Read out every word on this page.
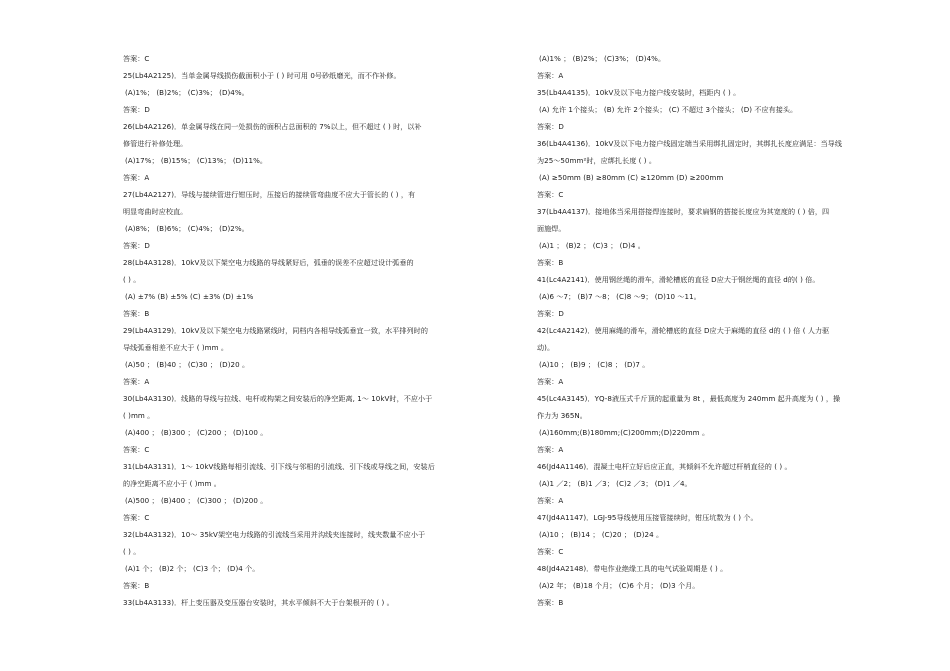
答案：C
25(Lb4A2125)．当单金属导线损伤截面积小于 ( ) 时可用 0号砂纸磨光，而不作补修。
(A)1%； (B)2%； (C)3%； (D)4%。
答案：D
26(Lb4A2126)．单金属导线在同一处损伤的面积占总面积的 7%以上，但不超过 ( ) 时，以补
修管进行补修处理。
(A)17%； (B)15%； (C)13%； (D)11%。
答案：A
27(Lb4A2127)．导线与接续管进行钳压时，压接后的接续管弯曲度不应大于管长的 ( ) ，有
明显弯曲时应校直。
(A)8%； (B)6%； (C)4%； (D)2%。
答案：D
28(Lb4A3128)．10kV及以下架空电力线路的导线紧好后，弧垂的误差不应超过设计弧垂的
( ) 。
(A) ±7% (B) ±5% (C) ±3% (D) ±1%
答案：B
29(Lb4A3129)．10kV及以下架空电力线路紧线时，同档内各相导线弧垂宜一致，水平排列时的
导线弧垂相差不应大于 ( )mm 。
(A)50 ； (B)40 ； (C)30 ； (D)20 。
答案：A
30(Lb4A3130)．线路的导线与拉线、电杆或构架之间安装后的净空距离, 1～ 10kV时，不应小于
( )mm 。
(A)400 ； (B)300 ； (C)200 ； (D)100 。
答案：C
31(Lb4A3131)．1～ 10kV线路每相引流线、引下线与邻相的引流线、引下线或导线之间，安装后
的净空距离不应小于 ( )mm 。
(A)500 ； (B)400 ； (C)300 ； (D)200 。
答案：C
32(Lb4A3132)．10～ 35kV架空电力线路的引流线当采用并沟线夹连接时，线夹数量不应小于
( ) 。
(A)1 个； (B)2 个； (C)3 个； (D)4 个。
答案：B
33(Lb4A3133)．杆上变压器及变压器台安装时，其水平倾斜不大于台架根开的 ( ) 。
(A)1% ； (B)2%； (C)3%； (D)4%。
答案：A
35(Lb4A4135)．10kV及以下电力接户线安装时，档距内 ( ) 。
(A) 允许 1个接头； (B) 允许 2个接头； (C) 不超过 3个接头； (D) 不应有接头。
答案：D
36(Lb4A4136)．10kV及以下电力接户线固定端当采用绑扎固定时，其绑扎长度应满足：当导线
为25～50mm²时，应绑扎长度 ( ) 。
(A) ≥50mm (B) ≥80mm (C) ≥120mm (D) ≥200mm
答案：C
37(Lb4A4137)．接地体当采用搭接焊连接时，要求扁钢的搭接长度应为其宽度的 ( ) 倍，四
面施焊。
(A)1 ； (B)2 ； (C)3 ； (D)4 。
答案：B
41(Lc4A2141)．使用钢丝绳的滑车，滑轮槽底的直径 D应大于钢丝绳的直径 d的( ) 倍。
(A)6 ～7； (B)7 ～8； (C)8 ～9； (D)10 ～11。
答案：D
42(Lc4A2142)．使用麻绳的滑车，滑轮槽底的直径 D应大于麻绳的直径 d的 ( ) 倍 ( 人力驱
动)。
(A)10 ； (B)9 ； (C)8 ； (D)7 。
答案：A
45(Lc4A3145)．YQ-8液压式千斤顶的起重量为 8t ，最低高度为 240mm 起升高度为 ( ) ，操
作力为 365N。
(A)160mm;(B)180mm;(C)200mm;(D)220mm 。
答案：A
46(Jd4A1146)．混凝土电杆立好后应正直，其倾斜不允许超过杆梢直径的 ( ) 。
(A)1 ／2； (B)1 ／3； (C)2 ／3； (D)1 ／4。
答案：A
47(Jd4A1147)．LGJ-95导线使用压接管接续时，钳压坑数为 ( ) 个。
(A)10 ； (B)14 ； (C)20 ； (D)24 。
答案：C
48(Jd4A2148)．带电作业绝缘工具的电气试验周期是 ( ) 。
(A)2 年； (B)18 个月； (C)6 个月； (D)3 个月。
答案：B
